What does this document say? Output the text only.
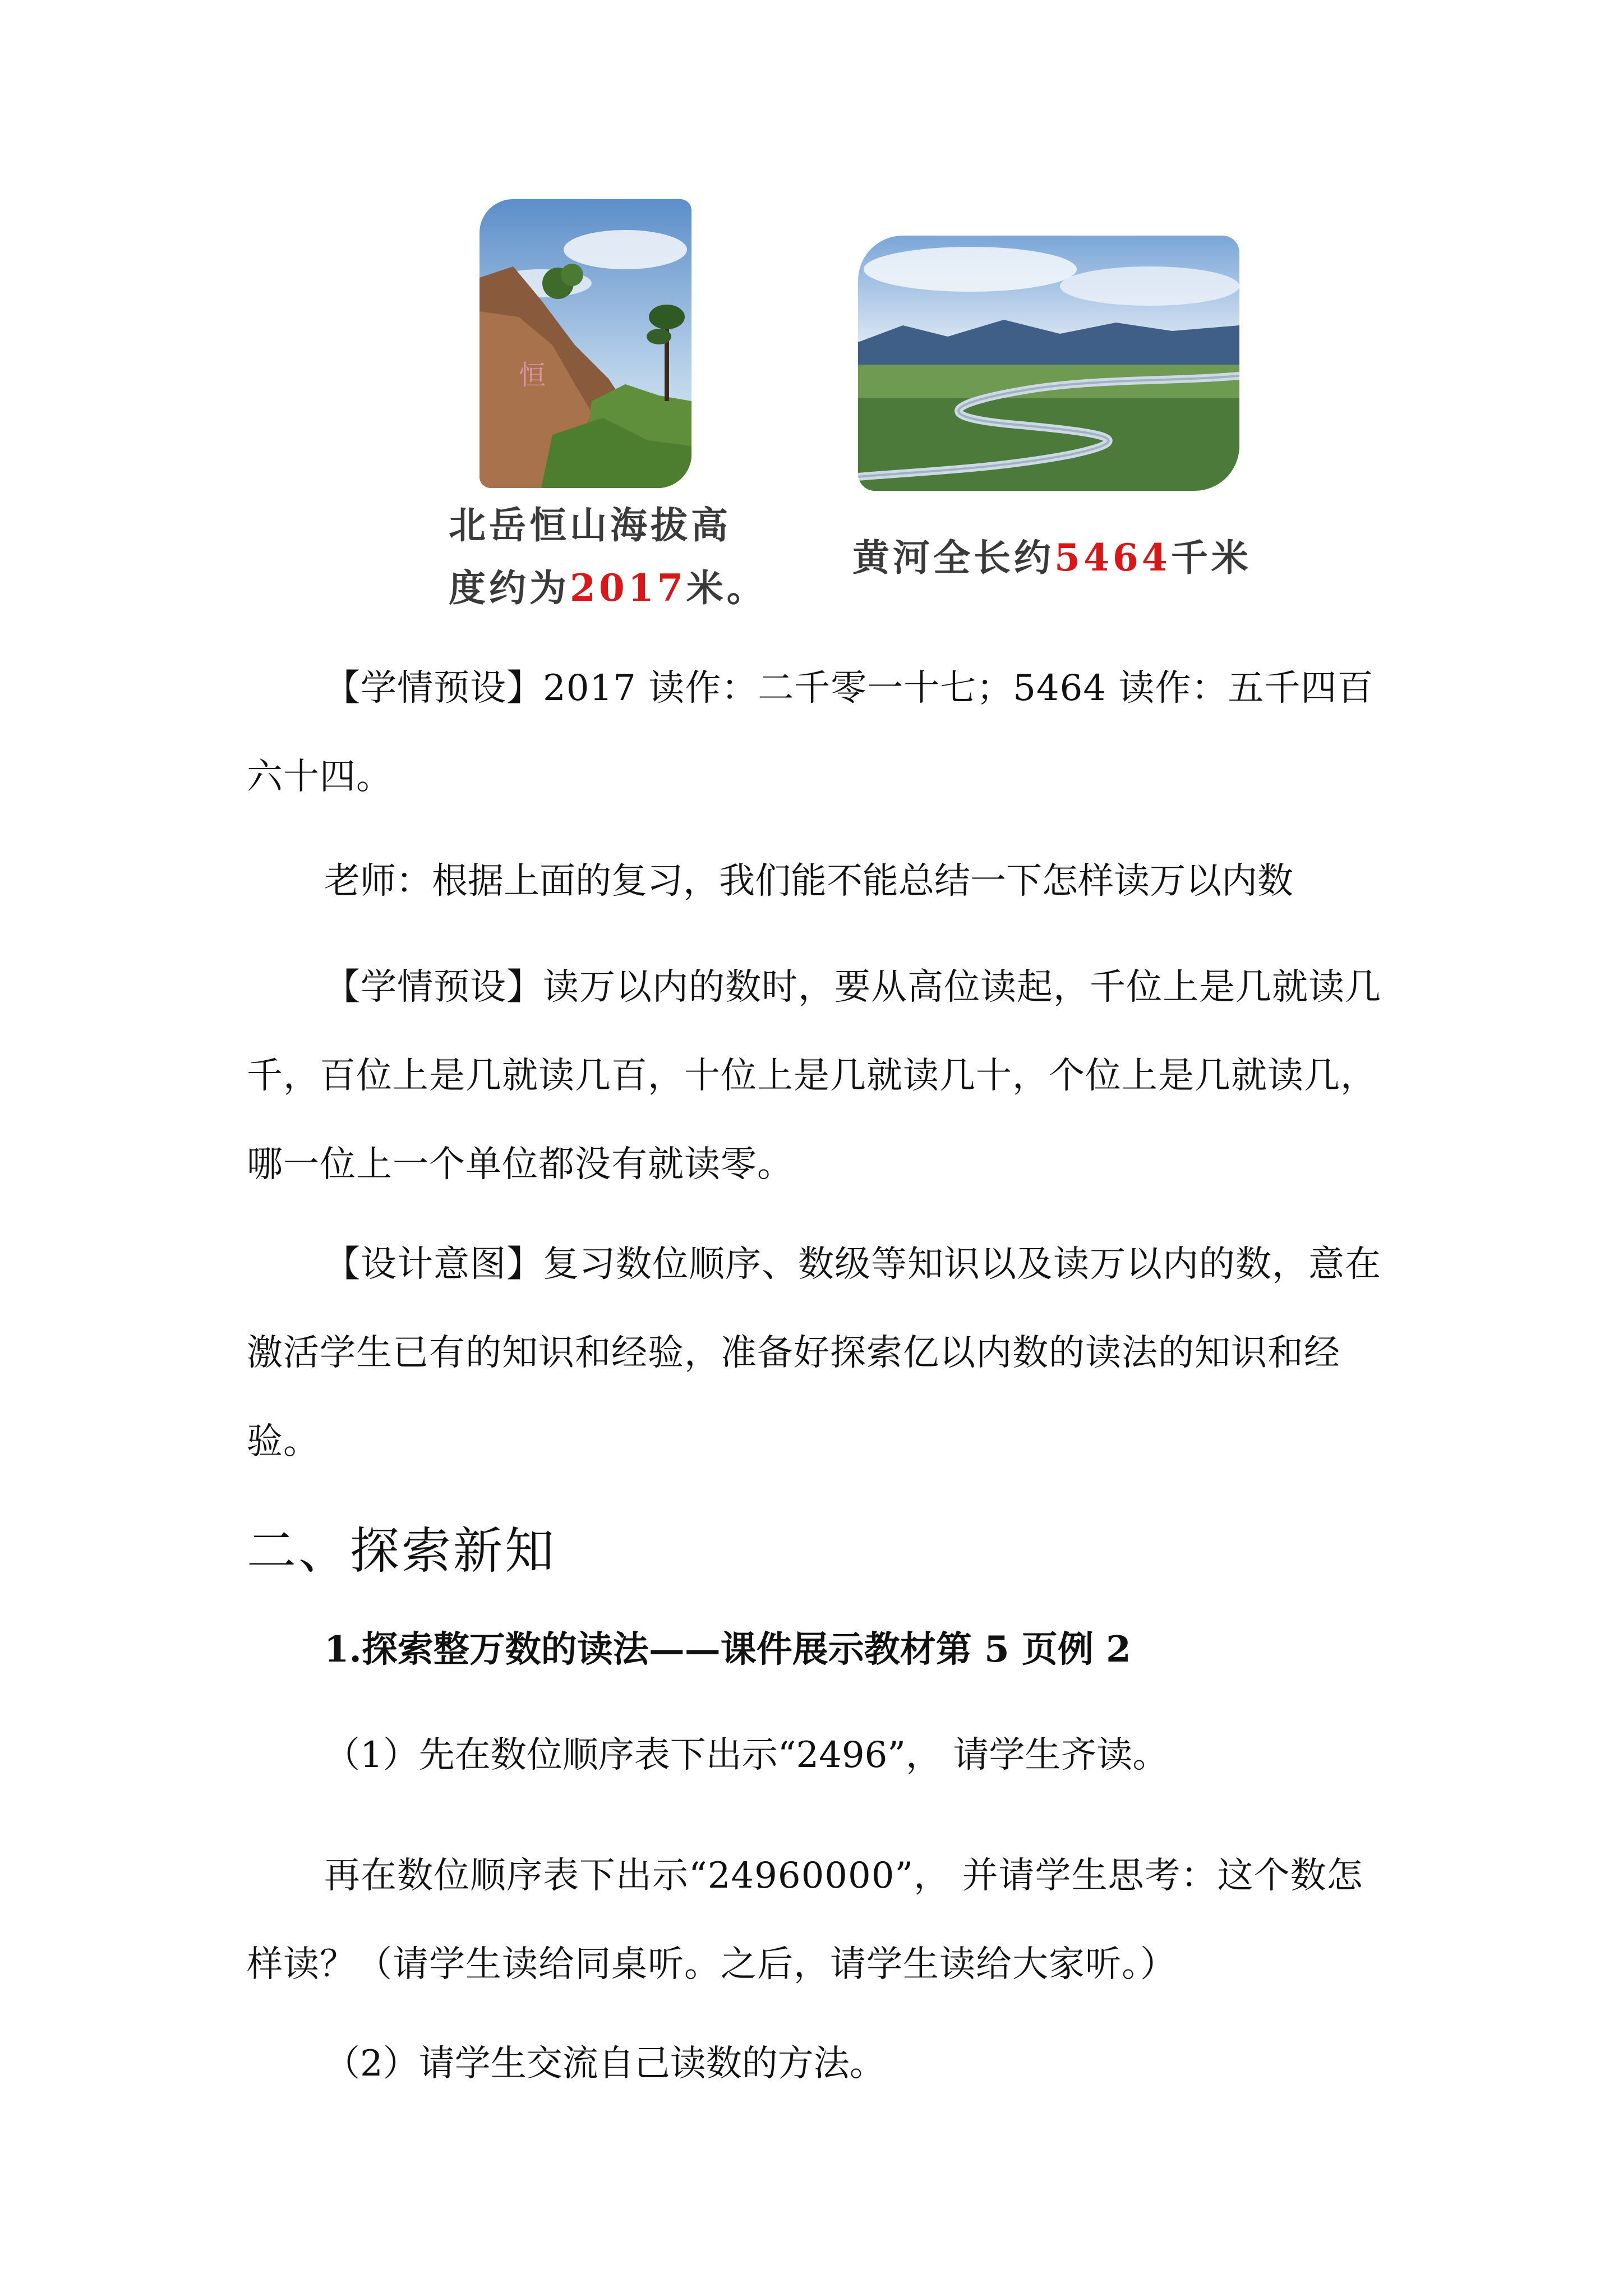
恒
北岳恒山海拔高
度约为2017米。
黄河全长约5464千米

【学情预设】2017 读作：二千零一十七；5464 读作：五千四百六十四。

老师：根据上面的复习，我们能不能总结一下怎样读万以内数

【学情预设】读万以内的数时，要从高位读起，千位上是几就读几千，百位上是几就读几百，十位上是几就读几十，个位上是几就读几，哪一位上一个单位都没有就读零。

【设计意图】复习数位顺序、数级等知识以及读万以内的数，意在激活学生已有的知识和经验，准备好探索亿以内数的读法的知识和经验。

二、探索新知

1.探索整万数的读法——课件展示教材第 5 页例 2

（1）先在数位顺序表下出示“2496”， 请学生齐读。

再在数位顺序表下出示“24960000”， 并请学生思考：这个数怎样读？（请学生读给同桌听。之后，请学生读给大家听。）

（2）请学生交流自己读数的方法。
